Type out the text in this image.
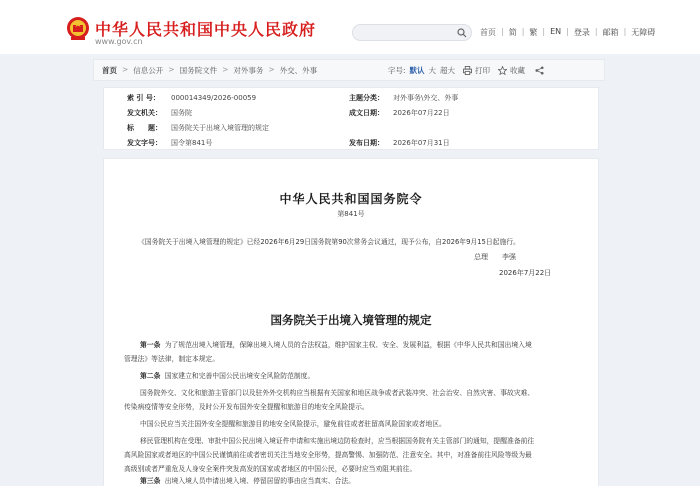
中华人民共和国中央人民政府
www.gov.cn
首页 | 简 | 繁 | EN | 登录 | 邮箱 | 无障碍
首页 > 信息公开 > 国务院文件 > 对外事务 > 外交、外事	字号: 默认 大 超大	打印	收藏
索 引 号： 000014349/2026-00059	主题分类： 对外事务\外交、外事
发文机关： 国务院	成文日期： 2026年07月22日
标　　题： 国务院关于出境入境管理的规定
发文字号： 国令第841号	发布日期： 2026年07月31日
中华人民共和国国务院令
第841号
《国务院关于出境入境管理的规定》已经2026年6月29日国务院第90次常务会议通过，现予公布，自2026年9月15日起施行。
总理　　李强
2026年7月22日
国务院关于出境入境管理的规定
第一条 为了规范出境入境管理，保障出境入境人员的合法权益，维护国家主权、安全、发展利益，根据《中华人民共和国出境入境
管理法》等法律，制定本规定。
第二条 国家建立和完善中国公民出境安全风险防范制度。
国务院外交、文化和旅游主管部门以及驻外外交机构应当根据有关国家和地区战争或者武装冲突、社会治安、自然灾害、事故灾难、
传染病疫情等安全形势，及时公开发布国外安全提醒和旅游目的地安全风险提示。
中国公民应当关注国外安全提醒和旅游目的地安全风险提示，避免前往或者驻留高风险国家或者地区。
移民管理机构在受理、审批中国公民出境入境证件申请和实施出境边防检查时，应当根据国务院有关主管部门的通知，提醒准备前往
高风险国家或者地区的中国公民谨慎前往或者密切关注当地安全形势，提高警惕、加强防范、注意安全。其中，对准备前往风险等级为最
高级别或者严重危及人身安全案件突发高发的国家或者地区的中国公民，必要时应当劝阻其前往。
第三条 出境入境人员申请出境入境、停留居留的事由应当真实、合法。
